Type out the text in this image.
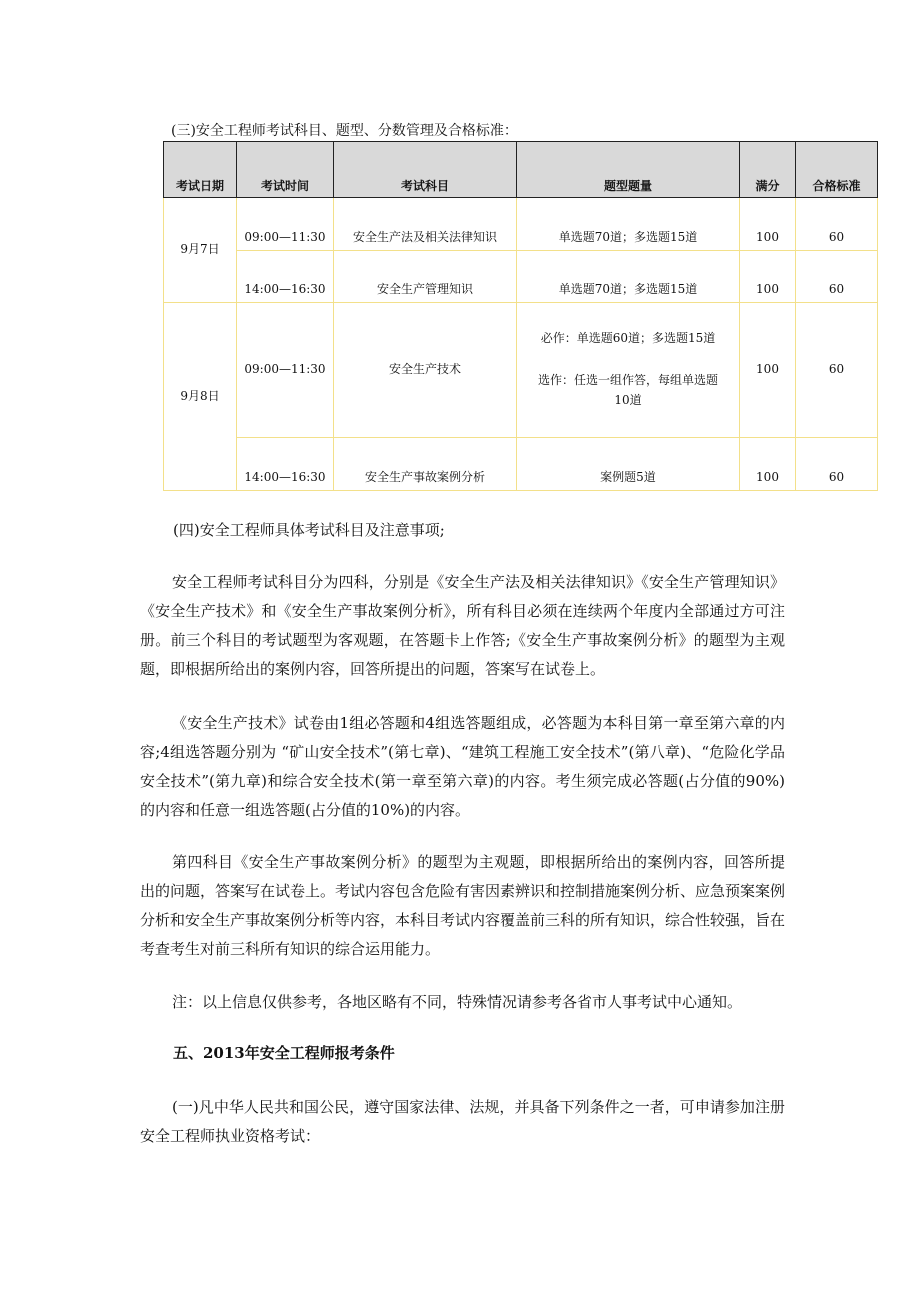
(三)安全工程师考试科目、题型、分数管理及合格标准：
考试日期	考试时间	考试科目	题型题量	满分	合格标准
9月7日	09:00—11:30	安全生产法及相关法律知识	单选题70道；多选题15道	100	60
	14:00—16:30	安全生产管理知识	单选题70道；多选题15道	100	60
9月8日	09:00—11:30	安全生产技术	必作：单选题60道；多选题15道
选作：任选一组作答，每组单选题
10道	100	60
	14:00—16:30	安全生产事故案例分析	案例题5道	100	60
(四)安全工程师具体考试科目及注意事项;
安全工程师考试科目分为四科，分别是《安全生产法及相关法律知识》《安全生产管理知识》《安全生产技术》和《安全生产事故案例分析》，所有科目必须在连续两个年度内全部通过方可注册。前三个科目的考试题型为客观题，在答题卡上作答;《安全生产事故案例分析》的题型为主观题，即根据所给出的案例内容，回答所提出的问题，答案写在试卷上。
《安全生产技术》试卷由1组必答题和4组选答题组成，必答题为本科目第一章至第六章的内容;4组选答题分别为 “矿山安全技术”(第七章)、“建筑工程施工安全技术”(第八章)、“危险化学品安全技术”(第九章)和综合安全技术(第一章至第六章)的内容。考生须完成必答题(占分值的90%)的内容和任意一组选答题(占分值的10%)的内容。
第四科目《安全生产事故案例分析》的题型为主观题，即根据所给出的案例内容，回答所提出的问题，答案写在试卷上。考试内容包含危险有害因素辨识和控制措施案例分析、应急预案案例分析和安全生产事故案例分析等内容，本科目考试内容覆盖前三科的所有知识，综合性较强，旨在考查考生对前三科所有知识的综合运用能力。
注：以上信息仅供参考，各地区略有不同，特殊情况请参考各省市人事考试中心通知。
五、2013年安全工程师报考条件
(一)凡中华人民共和国公民，遵守国家法律、法规，并具备下列条件之一者，可申请参加注册安全工程师执业资格考试：
